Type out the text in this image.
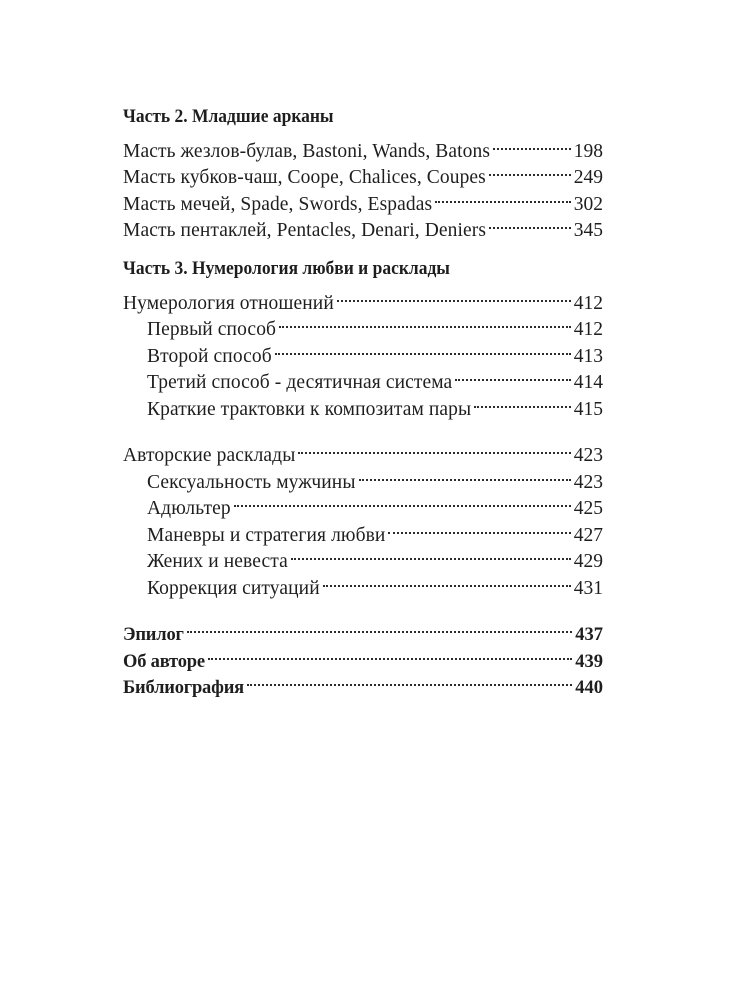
Часть 2. Младшие арканы
Масть жезлов-булав, Bastoni, Wands, Batons	198
Масть кубков-чаш, Coope, Chalices, Coupes	249
Масть мечей, Spade, Swords, Espadas	302
Масть пентаклей, Pentacles, Denari, Deniers	345
Часть 3. Нумерология любви и расклады
Нумерология отношений	412
Первый способ	412
Второй способ	413
Третий способ - десятичная система	414
Краткие трактовки к композитам пары	415
Авторские расклады	423
Сексуальность мужчины	423
Адюльтер	425
Маневры и стратегия любви	427
Жених и невеста	429
Коррекция ситуаций	431
Эпилог	437
Об авторе	439
Библиография	440
